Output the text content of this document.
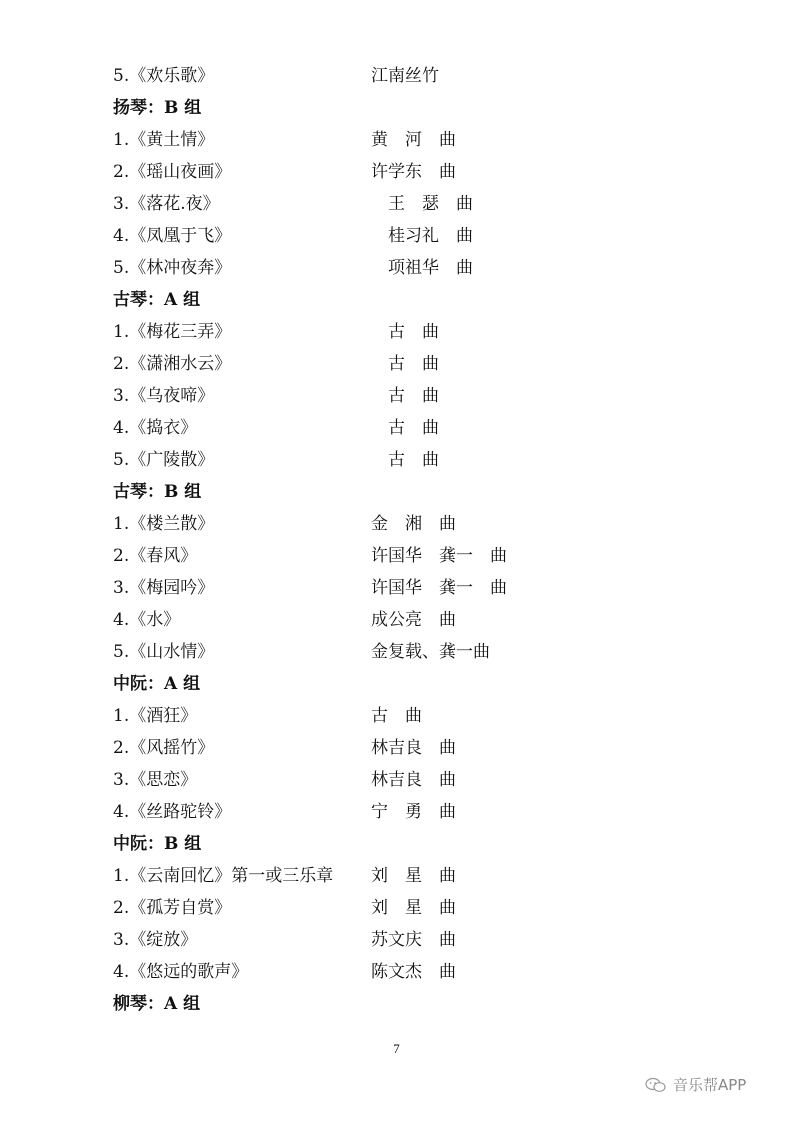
5.《欢乐歌》	江南丝竹
扬琴：B 组
1.《黄土情》	黄　河　曲
2.《瑶山夜画》	许学东　曲
3.《落花.夜》	　王　瑟　曲
4.《凤凰于飞》	　桂习礼　曲
5.《林冲夜奔》	　项祖华　曲
古琴：A 组
1.《梅花三弄》	　古　曲
2.《潇湘水云》	　古　曲
3.《乌夜啼》	　古　曲
4.《捣衣》	　古　曲
5.《广陵散》	　古　曲
古琴：B 组
1.《楼兰散》	金　湘　曲
2.《春风》	许国华　龚一　曲
3.《梅园吟》	许国华　龚一　曲
4.《水》	成公亮　曲
5.《山水情》	金复载、龚一曲
中阮：A 组
1.《酒狂》	古　曲
2.《风摇竹》	林吉良　曲
3.《思恋》	林吉良　曲
4.《丝路驼铃》	宁　勇　曲
中阮：B 组
1.《云南回忆》第一或三乐章 刘　星　曲
2.《孤芳自赏》	刘　星　曲
3.《绽放》	苏文庆　曲
4.《悠远的歌声》	陈文杰　曲
柳琴：A 组
7
音乐帮APP
